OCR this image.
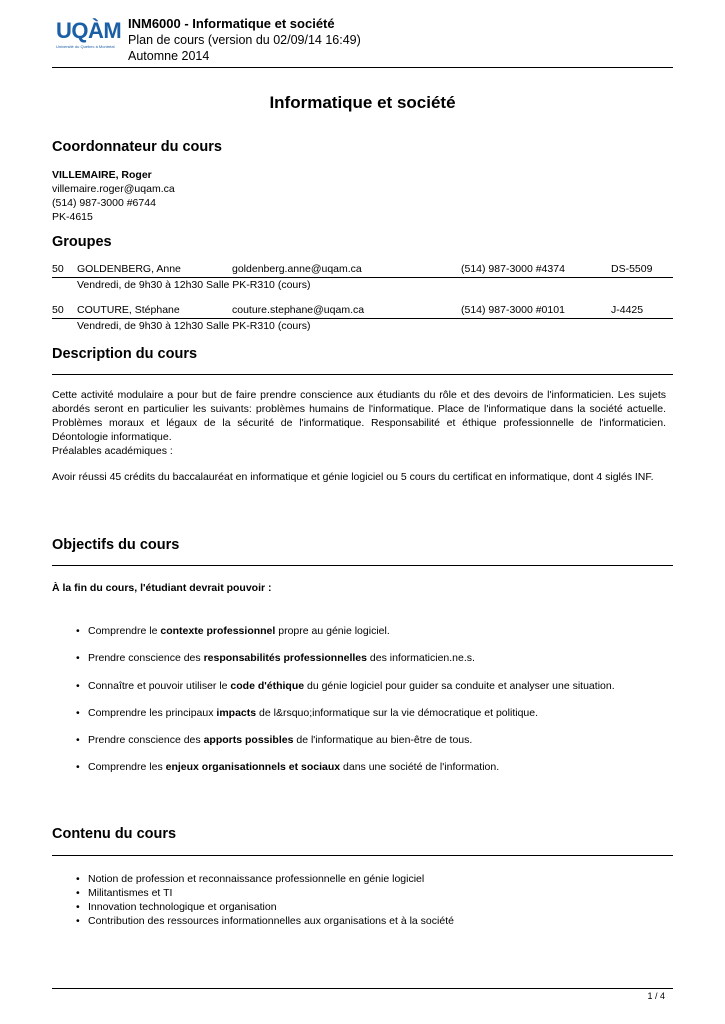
UQÀM
Université du Québec à Montréal
INM6000 - Informatique et société
Plan de cours (version du 02/09/14 16:49)
Automne 2014
Informatique et société
Coordonnateur du cours
VILLEMAIRE, Roger
villemaire.roger@uqam.ca
(514) 987-3000 #6744
PK-4615
Groupes
50 GOLDENBERG, Anne	goldenberg.anne@uqam.ca	(514) 987-3000 #4374	DS-5509
Vendredi, de 9h30 à 12h30 Salle PK-R310 (cours)
50 COUTURE, Stéphane	couture.stephane@uqam.ca	(514) 987-3000 #0101	J-4425
Vendredi, de 9h30 à 12h30 Salle PK-R310 (cours)
Description du cours
Cette activité modulaire a pour but de faire prendre conscience aux étudiants du rôle et des devoirs de l'informaticien. Les sujets abordés seront en particulier les suivants: problèmes humains de l'informatique. Place de l'informatique dans la société actuelle. Problèmes moraux et légaux de la sécurité de l'informatique. Responsabilité et éthique professionnelle de l'informaticien. Déontologie informatique.
Préalables académiques :
Avoir réussi 45 crédits du baccalauréat en informatique et génie logiciel ou 5 cours du certificat en informatique, dont 4 siglés INF.
Objectifs du cours
À la fin du cours, l'étudiant devrait pouvoir :
• Comprendre le contexte professionnel propre au génie logiciel.
• Prendre conscience des responsabilités professionnelles des informaticien.ne.s.
• Connaître et pouvoir utiliser le code d'éthique du génie logiciel pour guider sa conduite et analyser une situation.
• Comprendre les principaux impacts de l&rsquo;informatique sur la vie démocratique et politique.
• Prendre conscience des apports possibles de l'informatique au bien-être de tous.
• Comprendre les enjeux organisationnels et sociaux dans une société de l'information.
Contenu du cours
• Notion de profession et reconnaissance professionnelle en génie logiciel
• Militantismes et TI
• Innovation technologique et organisation
• Contribution des ressources informationnelles aux organisations et à la société
1 / 4
